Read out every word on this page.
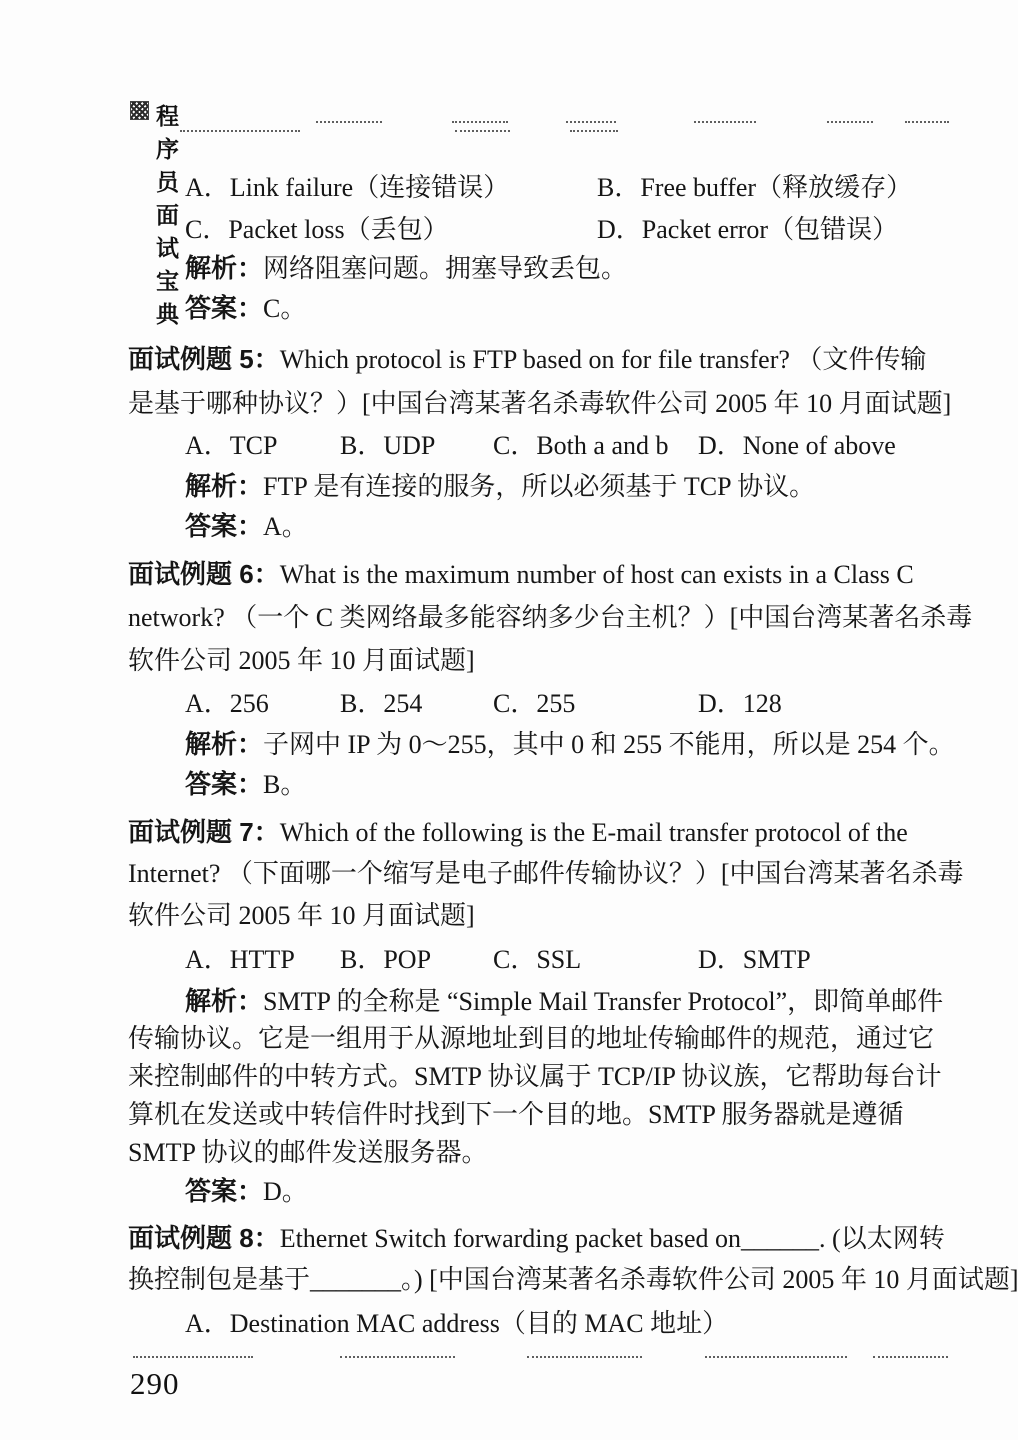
程序员面试宝典
A．Link failure（连接错误）	B．Free buffer（释放缓存）
C．Packet loss（丢包）	D．Packet error（包错误）
解析：网络阻塞问题。拥塞导致丢包。
答案：C。
面试例题 5：Which protocol is FTP based on for file transfer? （文件传输
是基于哪种协议？）[中国台湾某著名杀毒软件公司 2005 年 10 月面试题]
A．TCP B．UDP C．Both a and b D．None of above
解析：FTP 是有连接的服务，所以必须基于 TCP 协议。
答案：A。
面试例题 6：What is the maximum number of host can exists in a Class C
network? （一个 C 类网络最多能容纳多少台主机？）[中国台湾某著名杀毒
软件公司 2005 年 10 月面试题]
A．256	B．254	C．255	D．128
解析：子网中 IP 为 0～255，其中 0 和 255 不能用，所以是 254 个。
答案：B。
面试例题 7：Which of the following is the E-mail transfer protocol of the
Internet? （下面哪一个缩写是电子邮件传输协议？）[中国台湾某著名杀毒
软件公司 2005 年 10 月面试题]
A．HTTP B．POP C．SSL	D．SMTP
解析：SMTP 的全称是 “Simple Mail Transfer Protocol”，即简单邮件
传输协议。它是一组用于从源地址到目的地址传输邮件的规范，通过它
来控制邮件的中转方式。SMTP 协议属于 TCP/IP 协议族，它帮助每台计
算机在发送或中转信件时找到下一个目的地。SMTP 服务器就是遵循
SMTP 协议的邮件发送服务器。
答案：D。
面试例题 8：Ethernet Switch forwarding packet based on______. (以太网转
换控制包是基于_______。) [中国台湾某著名杀毒软件公司 2005 年 10 月面试题]
A．Destination MAC address（目的 MAC 地址）
290
